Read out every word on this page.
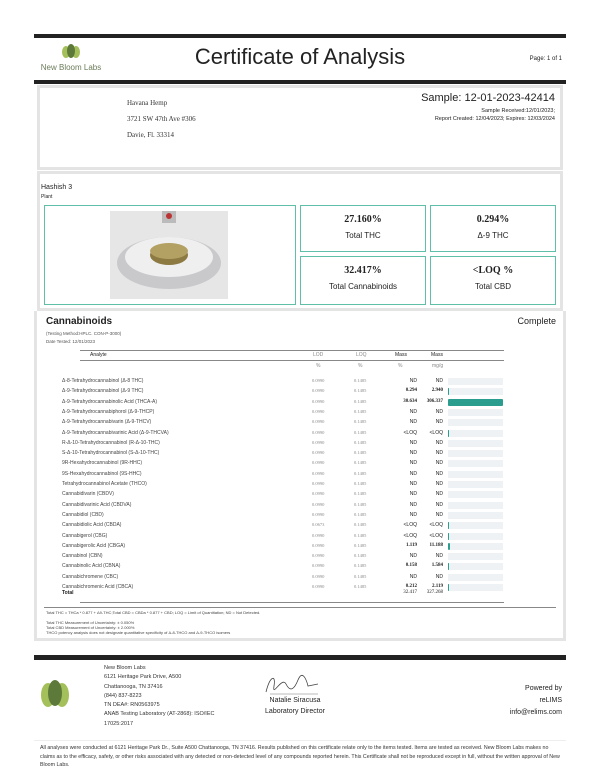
New Bloom Labs	Certificate of Analysis	Page: 1 of 1
Havana Hemp
3721 SW 47th Ave #306
Davie, Fl. 33314
Sample: 12-01-2023-42414
Sample Received:12/01/2023;
Report Created: 12/04/2023; Expires: 12/03/2024
Hashish 3
Plant
27.160%
Total THC
0.294%
Δ-9 THC
32.417%
Total Cannabinoids
<LOQ %
Total CBD
Cannabinoids	Complete
(Testing Method:HPLC. CON-P-3000)
Date Tested: 12/01/2023
Analyte	LOD	LOQ	Mass	Mass
%	%	%	mg/g
Δ-8-Tetrahydrocannabinol (Δ-8 THC)	0.0990	0.1485	ND	ND
Δ-9-Tetrahydrocannabinol (Δ-9 THC)	0.0990	0.1485	0.294	2.940
Δ-9-Tetrahydrocannabinolic Acid (THCA-A)	0.0990	0.1485	30.634 306.337
Δ-9-Tetrahydrocannabiphorol (Δ-9-THCP)	0.0990	0.1485	ND	ND
Δ-9-Tetrahydrocannabivarin (Δ-9-THCV)	0.0990	0.1485	ND	ND
Δ-9-Tetrahydrocannabivarinic Acid (Δ-9-THCVA)	0.0990	0.1485	<LOQ	<LOQ
R-Δ-10-Tetrahydrocannabinol (R-Δ-10-THC)	0.0990	0.1485	ND	ND
S-Δ-10-Tetrahydrocannabinol (S-Δ-10-THC)	0.0990	0.1485	ND	ND
9R-Hexahydrocannabinol (9R-HHC)	0.0990	0.1485	ND	ND
9S-Hexahydrocannabinol (9S-HHC)	0.0990	0.1485	ND	ND
Tetrahydrocannabinol Acetate (THCO)	0.0990	0.1485	ND	ND
Cannabidivarin (CBDV)	0.0990	0.1485	ND	ND
Cannabidivarinic Acid (CBDVA)	0.0990	0.1485	ND	ND
Cannabidiol (CBD)	0.0990	0.1485	ND	ND
Cannabidiolic Acid (CBDA)	0.0673	0.1485	<LOQ	<LOQ
Cannabigerol (CBG)	0.0990	0.1485	<LOQ	<LOQ
Cannabigerolic Acid (CBGA)	0.0990	0.1485	1.119	11.188
Cannabinol (CBN)	0.0990	0.1485	ND	ND
Cannabinolic Acid (CBNA)	0.0990	0.1485	0.158	1.584
Cannabichromene (CBC)	0.0990	0.1485	ND	ND
Cannabichromenic Acid (CBCA)	0.0990	0.1485	0.212	2.119
Total	32.417 327.268
Total THC = THCa * 0.877 + Δ9-THC;Total CBD = CBDa * 0.877 + CBD; LOQ = Limit of Quantitation; ND = Not Detected.
Total THC Measurement of Uncertainty: ± 0.050%
Total CBD Measurement of Uncertainty: ± 2.000%
THCO potency analysis does not designate quantitative specificity of Δ-8-THCO and Δ-9-THCO isomers
New Bloom Labs
6121 Heritage Park Drive, A500
Chattanooga, TN 37416
(844) 837-8223
TN DEA#: RN0563975
ANAB Testing Laboratory (AT-2868): ISO/IEC
17025:2017
Natalie Siracusa
Laboratory Director
Powered by
reLIMS
info@relims.com
All analyses were conducted at 6121 Heritage Park Dr., Suite A500 Chattanooga, TN 37416. Results published on this certificate relate only to the items tested. Items are tested as received. New Bloom Labs makes no claims as to the efficacy, safety, or other risks associated with any detected or non-detected level of any compounds reported herein. This Certificate shall not be reproduced except in full, without the written approval of New Bloom Labs.
